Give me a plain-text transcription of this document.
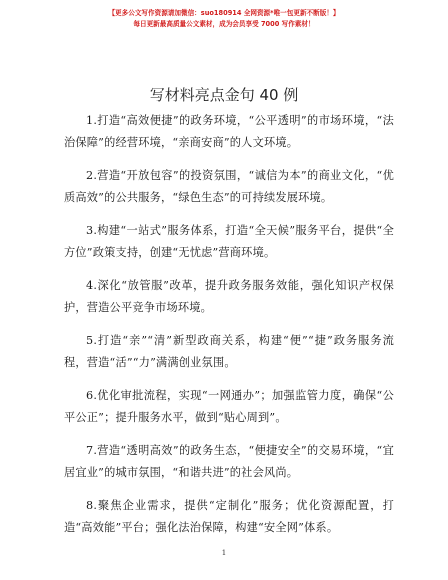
【更多公文写作资源请加微信：suo180914 全网资源*唯一包更新不断版！】
每日更新最高质量公文素材，成为会员享受 7000 写作素材！
写材料亮点金句 40 例

1.打造“高效便捷”的政务环境，“公平透明”的市场环境，“法治保障”的经营环境，“亲商安商”的人文环境。

2.营造“开放包容”的投资氛围，“诚信为本”的商业文化，“优质高效”的公共服务，“绿色生态”的可持续发展环境。

3.构建“一站式”服务体系，打造“全天候”服务平台，提供“全方位”政策支持，创建“无忧虑”营商环境。

4.深化“放管服”改革，提升政务服务效能，强化知识产权保护，营造公平竞争市场环境。

5.打造“亲”“清”新型政商关系，构建“便”“捷”政务服务流程，营造“活”“力”满满创业氛围。

6.优化审批流程，实现“一网通办”；加强监管力度，确保“公平公正”；提升服务水平，做到“贴心周到”。

7.营造“透明高效”的政务生态，“便捷安全”的交易环境，“宜居宜业”的城市氛围，“和谐共进”的社会风尚。

8.聚焦企业需求，提供“定制化”服务；优化资源配置，打造“高效能”平台；强化法治保障，构建“安全网”体系。

1
